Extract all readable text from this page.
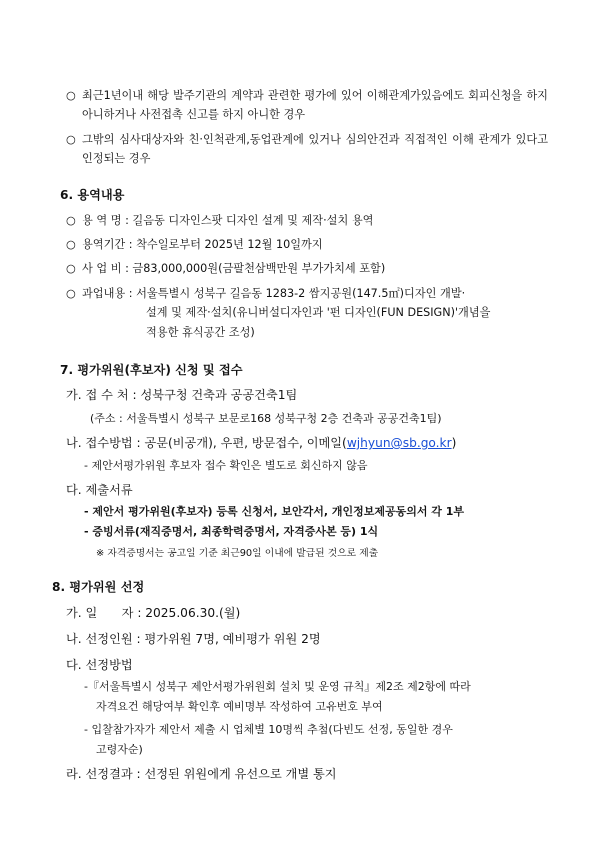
○ 최근1년이내 해당 발주기관의 계약과 관련한 평가에 있어 이해관계가있음에도 회피신청을 하지 아니하거나 사전접촉 신고를 하지 아니한 경우
○ 그밖의 심사대상자와 친·인척관계,동업관계에 있거나 심의안건과 직접적인 이해 관계가 있다고 인정되는 경우
6. 용역내용
○ 용 역 명 : 길음동 디자인스팟 디자인 설계 및 제작·설치 용역
○ 용역기간 : 착수일로부터 2025년 12월 10일까지
○ 사 업 비 : 금83,000,000원(금팔천삼백만원 부가가치세 포함)
○ 과업내용 : 서울특별시 성북구 길음동 1283-2 쌈지공원(147.5㎡)디자인 개발·
설계 및 제작·설치(유니버설디자인과 '펀 디자인(FUN DESIGN)'개념을
적용한 휴식공간 조성)
7. 평가위원(후보자) 신청 및 접수
가. 접 수 처 : 성북구청 건축과 공공건축1팀
(주소 : 서울특별시 성북구 보문로168 성북구청 2층 건축과 공공건축1팀)
나. 접수방법 : 공문(비공개), 우편, 방문접수, 이메일(wjhyun@sb.go.kr)
- 제안서평가위원 후보자 접수 확인은 별도로 회신하지 않음
다. 제출서류
- 제안서 평가위원(후보자) 등록 신청서, 보안각서, 개인정보제공동의서 각 1부
- 증빙서류(재직증명서, 최종학력증명서, 자격증사본 등) 1식
※ 자격증명서는 공고일 기준 최근90일 이내에 발급된 것으로 제출
8. 평가위원 선정
가. 일　　자 : 2025.06.30.(월)
나. 선정인원 : 평가위원 7명, 예비평가 위원 2명
다. 선정방법
-『서울특별시 성북구 제안서평가위원회 설치 및 운영 규칙』제2조 제2항에 따라
자격요건 해당여부 확인후 예비명부 작성하여 고유번호 부여
- 입찰참가자가 제안서 제출 시 업체별 10명씩 추첨(다빈도 선정, 동일한 경우
고령자순)
라. 선정결과 : 선정된 위원에게 유선으로 개별 통지
